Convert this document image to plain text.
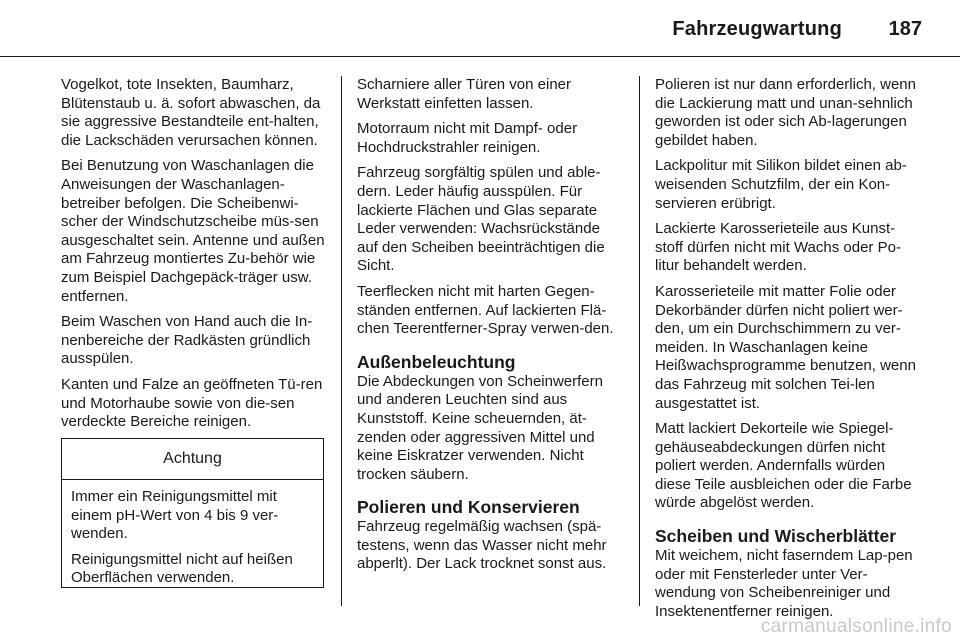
Fahrzeugwartung 187

Vogelkot, tote Insekten, Baumharz, Blütenstaub u. ä. sofort abwaschen, da sie aggressive Bestandteile ent-halten, die Lackschäden verursachen können.

Bei Benutzung von Waschanlagen die Anweisungen der Waschanlagen-betreiber befolgen. Die Scheibenwi-scher der Windschutzscheibe müs-sen ausgeschaltet sein. Antenne und außen am Fahrzeug montiertes Zu-behör wie zum Beispiel Dachgepäck-träger usw. entfernen.

Beim Waschen von Hand auch die In-nenbereiche der Radkästen gründlich ausspülen.

Kanten und Falze an geöffneten Tü-ren und Motorhaube sowie von die-sen verdeckte Bereiche reinigen.

Achtung

Immer ein Reinigungsmittel mit einem pH-Wert von 4 bis 9 ver-wenden.

Reinigungsmittel nicht auf heißen Oberflächen verwenden.

Scharniere aller Türen von einer Werkstatt einfetten lassen.

Motorraum nicht mit Dampf- oder Hochdruckstrahler reinigen.

Fahrzeug sorgfältig spülen und able-dern. Leder häufig ausspülen. Für lackierte Flächen und Glas separate Leder verwenden: Wachsrückstände auf den Scheiben beeinträchtigen die Sicht.

Teerflecken nicht mit harten Gegen-ständen entfernen. Auf lackierten Flä-chen Teerentferner-Spray verwen-den.

Außenbeleuchtung

Die Abdeckungen von Scheinwerfern und anderen Leuchten sind aus Kunststoff. Keine scheuernden, ät-zenden oder aggressiven Mittel und keine Eiskratzer verwenden. Nicht trocken säubern.

Polieren und Konservieren

Fahrzeug regelmäßig wachsen (spä-testens, wenn das Wasser nicht mehr abperlt). Der Lack trocknet sonst aus.

Polieren ist nur dann erforderlich, wenn die Lackierung matt und unan-sehnlich geworden ist oder sich Ab-lagerungen gebildet haben.

Lackpolitur mit Silikon bildet einen ab-weisenden Schutzfilm, der ein Kon-servieren erübrigt.

Lackierte Karosserieteile aus Kunst-stoff dürfen nicht mit Wachs oder Po-litur behandelt werden.

Karosserieteile mit matter Folie oder Dekorbänder dürfen nicht poliert wer-den, um ein Durchschimmern zu ver-meiden. In Waschanlagen keine Heißwachsprogramme benutzen, wenn das Fahrzeug mit solchen Tei-len ausgestattet ist.

Matt lackiert Dekorteile wie Spiegel-gehäuseabdeckungen dürfen nicht poliert werden. Andernfalls würden diese Teile ausbleichen oder die Farbe würde abgelöst werden.

Scheiben und Wischerblätter

Mit weichem, nicht faserndem Lap-pen oder mit Fensterleder unter Ver-wendung von Scheibenreiniger und Insektenentferner reinigen.

carmanualsonline.info
